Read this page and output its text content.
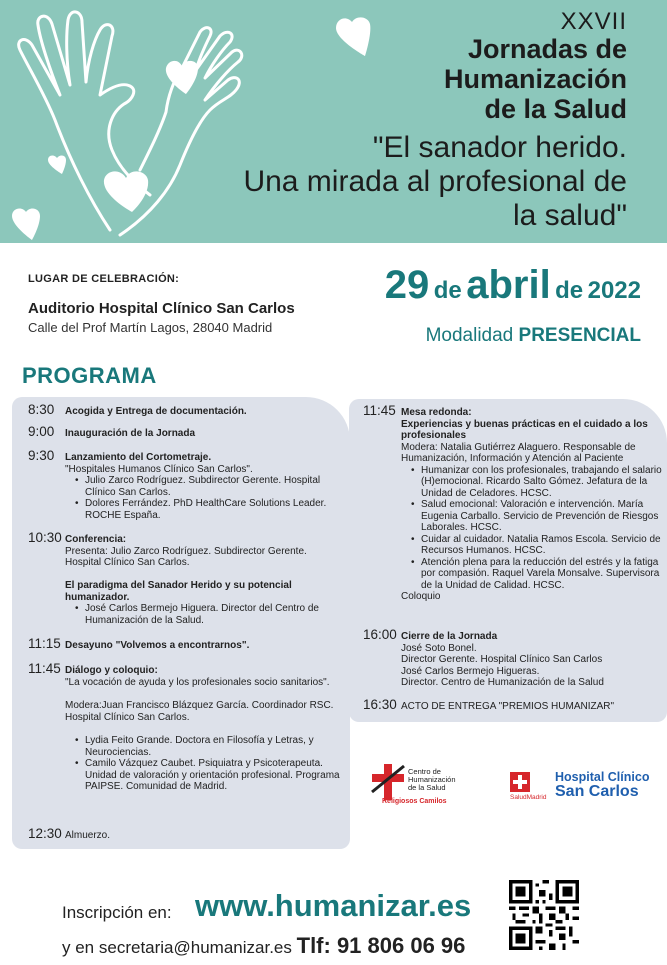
XXVII
Jornadas de
Humanización
de la Salud
"El sanador herido.
Una mirada al profesional de
la salud"
LUGAR DE CELEBRACIÓN:
Auditorio Hospital Clínico San Carlos
Calle del Prof Martín Lagos, 28040 Madrid
29 de abril de 2022
Modalidad PRESENCIAL
PROGRAMA
8:30 Acogida y Entrega de documentación.
9:00 Inauguración de la Jornada
9:30 Lanzamiento del Cortometraje.
"Hospitales Humanos Clínico San Carlos".
• Julio Zarco Rodríguez. Subdirector Gerente. Hospital Clínico San Carlos.
• Dolores Ferrández. PhD HealthCare Solutions Leader. ROCHE España.
10:30 Conferencia:
Presenta: Julio Zarco Rodríguez. Subdirector Gerente. Hospital Clínico San Carlos.
El paradigma del Sanador Herido y su potencial humanizador.
• José Carlos Bermejo Higuera. Director del Centro de Humanización de la Salud.
11:15 Desayuno "Volvemos a encontrarnos".
11:45 Diálogo y coloquio:
"La vocación de ayuda y los profesionales socio sanitarios".
Modera:Juan Francisco Blázquez García. Coordinador RSC. Hospital Clínico San Carlos.
• Lydia Feito Grande. Doctora en Filosofía y Letras, y Neurociencias.
• Camilo Vázquez Caubet. Psiquiatra y Psicoterapeuta. Unidad de valoración y orientación profesional. Programa PAIPSE. Comunidad de Madrid.
12:30 Almuerzo.
11:45 Mesa redonda:
Experiencias y buenas prácticas en el cuidado a los profesionales
Modera: Natalia Gutiérrez Alaguero. Responsable de Humanización, Información y Atención al Paciente
• Humanizar con los profesionales, trabajando el salario (H)emocional. Ricardo Salto Gómez. Jefatura de la Unidad de Celadores. HCSC.
• Salud emocional: Valoración e intervención. María Eugenia Carballo. Servicio de Prevención de Riesgos Laborales. HCSC.
• Cuidar al cuidador. Natalia Ramos Escola. Servicio de Recursos Humanos. HCSC.
• Atención plena para la reducción del estrés y la fatiga por compasión. Raquel Varela Monsalve. Supervisora de la Unidad de Calidad. HCSC.
Coloquio
16:00 Cierre de la Jornada
José Soto Bonel.
Director Gerente. Hospital Clínico San Carlos
José Carlos Bermejo Higueras.
Director. Centro de Humanización de la Salud
16:30 ACTO DE ENTREGA "PREMIOS HUMANIZAR"
Centro de
Humanización
de la Salud
Religiosos Camilos
SaludMadrid
Hospital Clínico
San Carlos
Inscripción en: www.humanizar.es
y en secretaria@humanizar.es Tlf: 91 806 06 96
